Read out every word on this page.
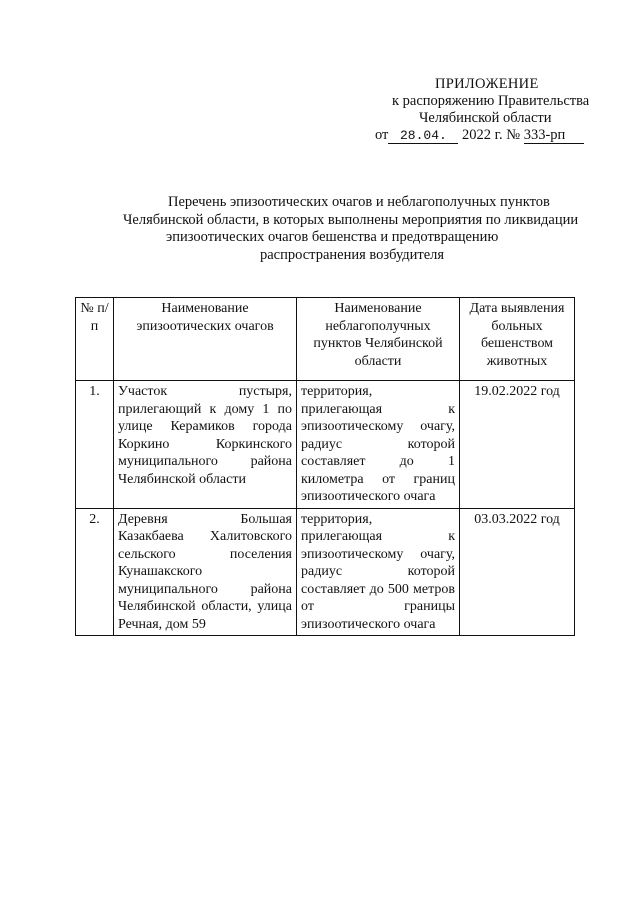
ПРИЛОЖЕНИЕ
к распоряжению Правительства
Челябинской области
от 28.04. 2022 г. № 333-рп
Перечень эпизоотических очагов и неблагополучных пунктов
Челябинской области, в которых выполнены мероприятия по ликвидации
эпизоотических очагов бешенства и предотвращению
распространения возбудителя
№ п/п	Наименование эпизоотических очагов	Наименование неблагополучных пунктов Челябинской области	Дата выявления больных бешенством животных
1.	Участок пустыря, прилегающий к дому 1 по улице Керамиков города Коркино Коркинского муниципального района Челябинской области	территория, прилегающая к эпизоотическому очагу, радиус которой составляет до 1 километра от границ эпизоотического очага	19.02.2022 год
2.	Деревня Большая Казакбаева Халитовского сельского поселения Кунашакского муниципального района Челябинской области, улица Речная, дом 59	территория, прилегающая к эпизоотическому очагу, радиус которой составляет до 500 метров от границы эпизоотического очага	03.03.2022 год
